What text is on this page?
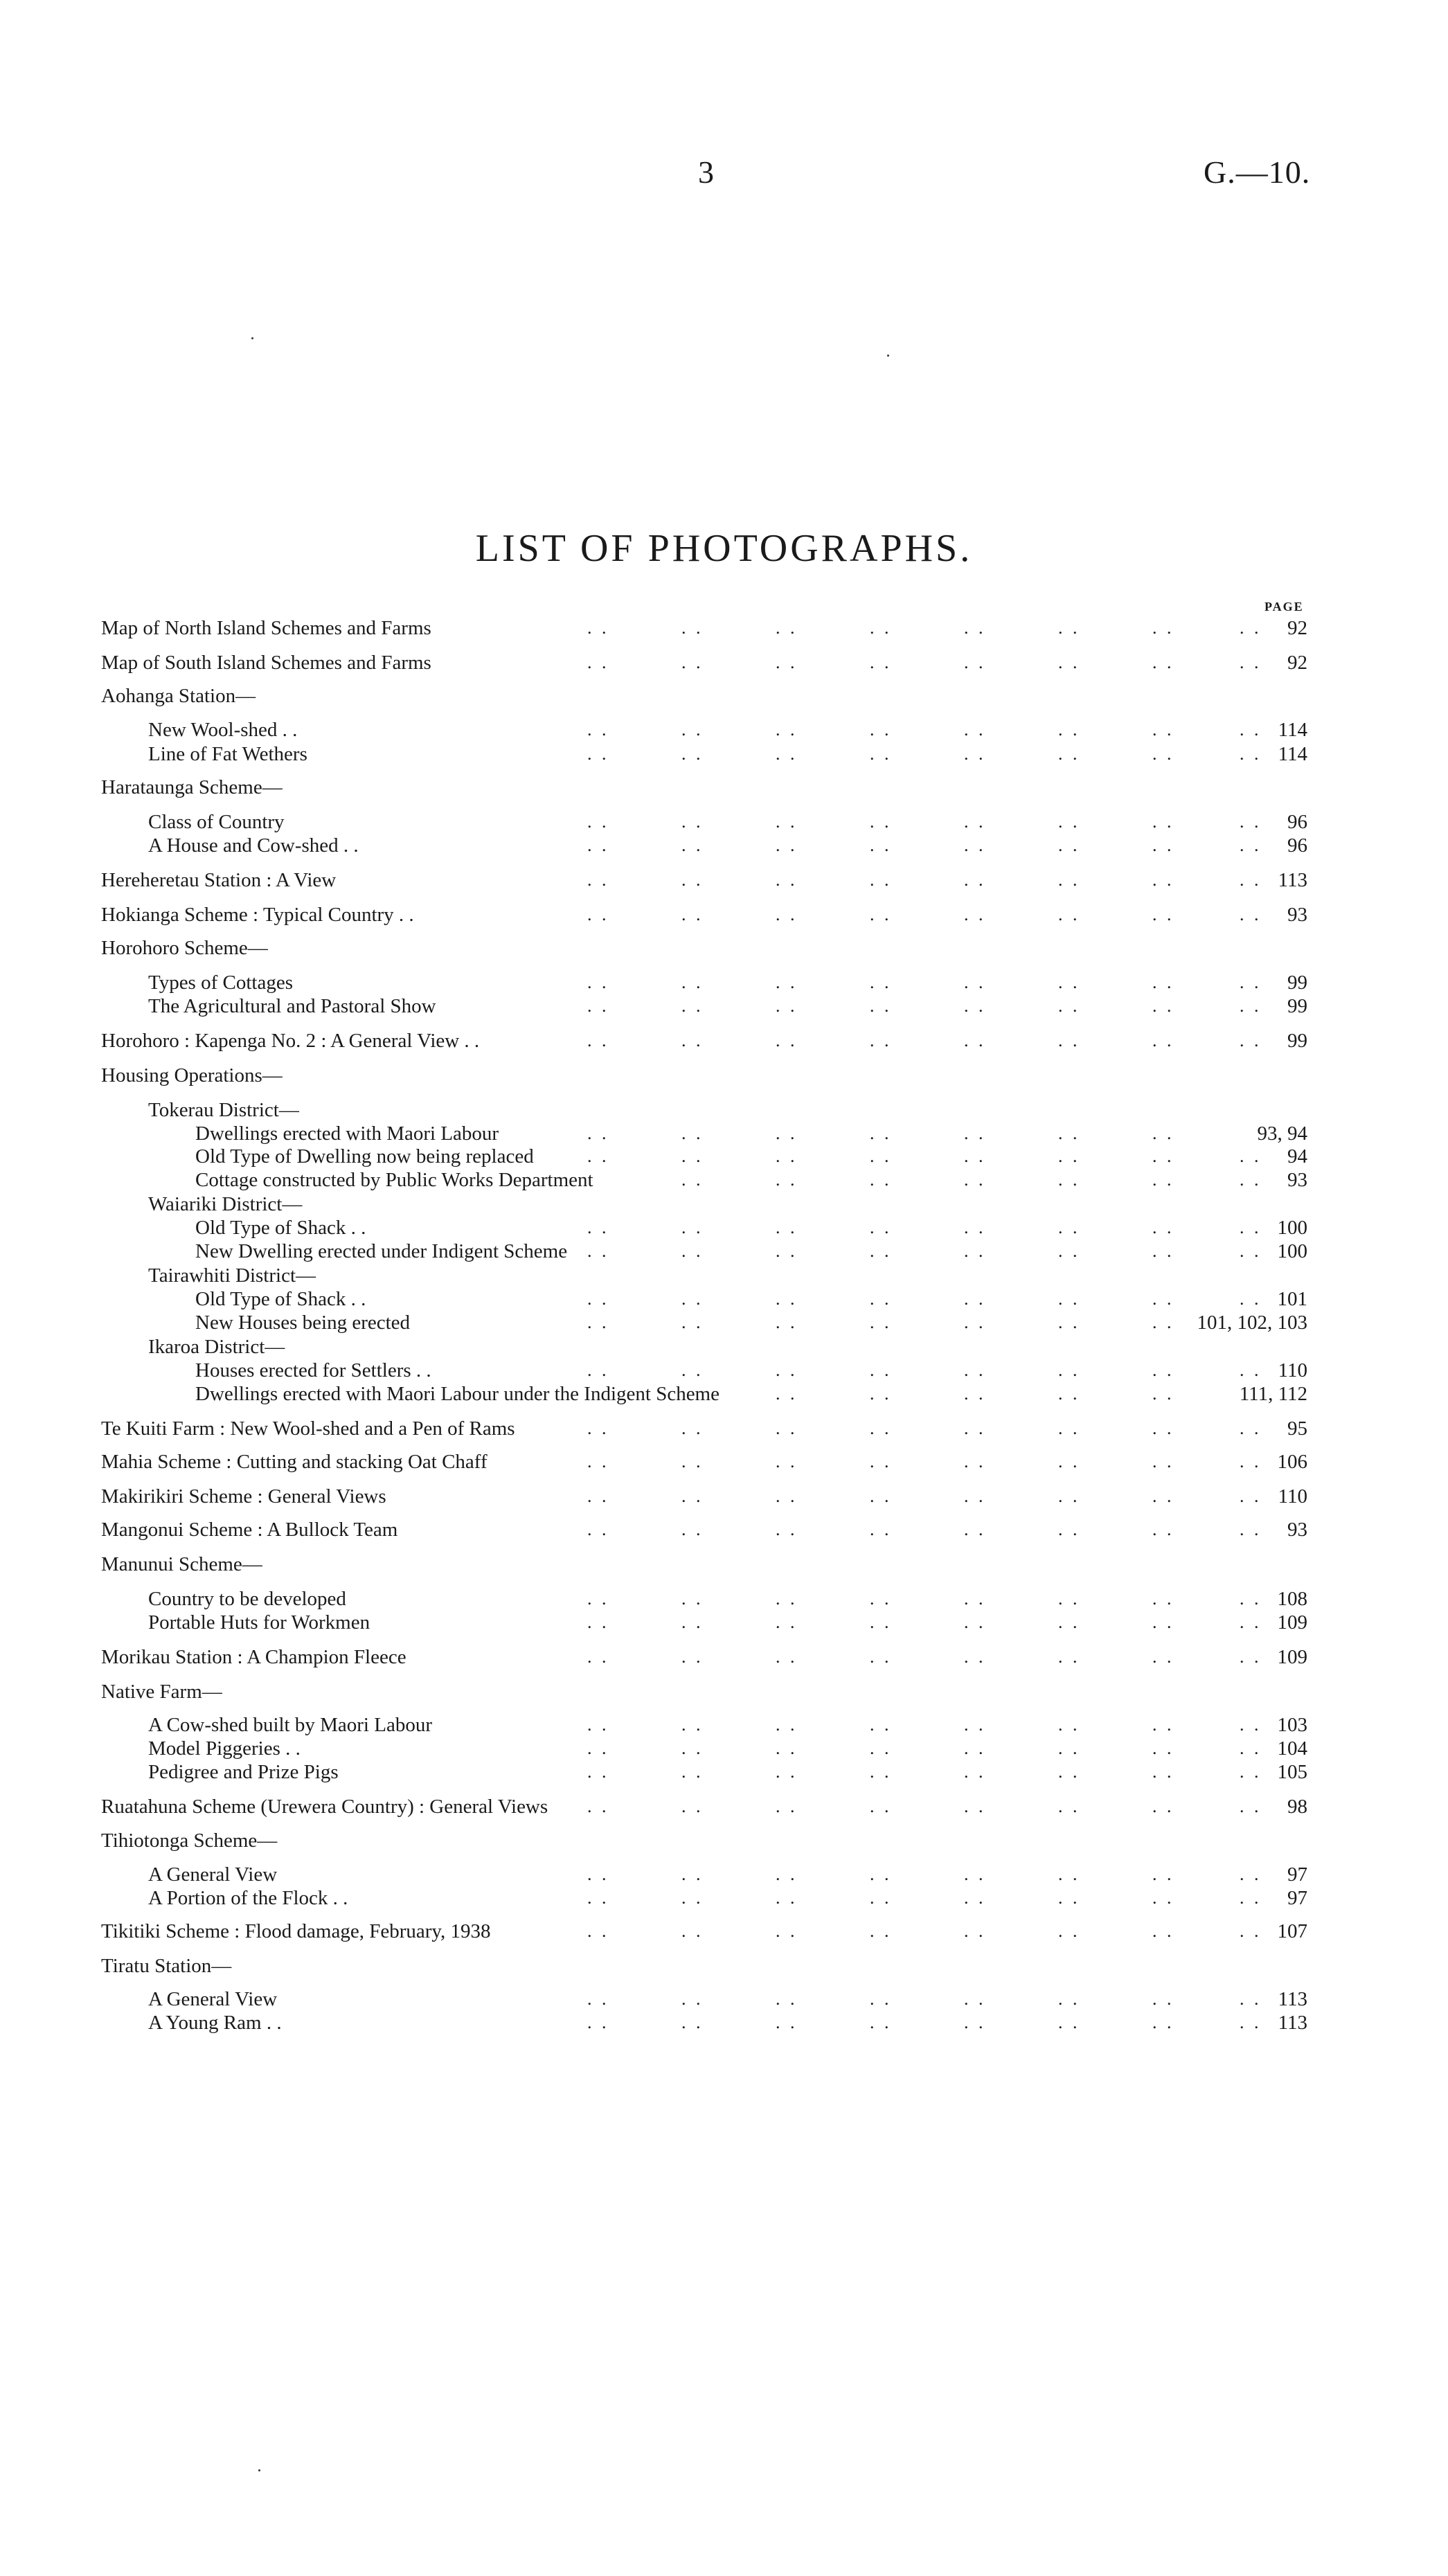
3	G.—10.
LIST OF PHOTOGRAPHS.
PAGE
Map of North Island Schemes and Farms	. .	. .	. .	. .	. .	. .	. .	. . 92
Map of South Island Schemes and Farms	. .	. .	. .	. .	. .	. .	. .	. . 92
Aohanga Station—
New Wool-shed . .	. .	. .	. .	. .	. .	. .	. .	. . 114
Line of Fat Wethers	. .	. .	. .	. .	. .	. .	. .	. . 114
Harataunga Scheme—
Class of Country	. .	. .	. .	. .	. .	. .	. .	. . 96
A House and Cow-shed . .	. .	. .	. .	. .	. .	. .	. .	. . 96
Hereheretau Station : A View	. .	. .	. .	. .	. .	. .	. .	. . 113
Hokianga Scheme : Typical Country . .	. .	. .	. .	. .	. .	. .	. .	. . 93
Horohoro Scheme—
Types of Cottages	. .	. .	. .	. .	. .	. .	. .	. . 99
The Agricultural and Pastoral Show	. .	. .	. .	. .	. .	. .	. .	. . 99
Horohoro : Kapenga No. 2 : A General View . .	. .	. .	. .	. .	. .	. .	. .	. . 99
Housing Operations—
Tokerau District—
Dwellings erected with Maori Labour	. .	. .	. .	. .	. .	. .	. .	93, 94
Old Type of Dwelling now being replaced	. .	. .	. .	. .	. .	. .	. .	. . 94
Cottage constructed by Public Works Department	. .	. .	. .	. .	. .	. .	. . 93
Waiariki District—
Old Type of Shack . .	. .	. .	. .	. .	. .	. .	. .	. . 100
New Dwelling erected under Indigent Scheme . .	. .	. .	. .	. .	. .	. .	. . 100
Tairawhiti District—
Old Type of Shack . .	. .	. .	. .	. .	. .	. .	. .	. . 101
New Houses being erected	. .	. .	. .	. .	. .	. .	. . 101, 102, 103
Ikaroa District—
Houses erected for Settlers . .	. .	. .	. .	. .	. .	. .	. .	. . 110
Dwellings erected with Maori Labour under the Indigent Scheme	. .	. .	. .	. .	. .	111, 112
Te Kuiti Farm : New Wool-shed and a Pen of Rams	. .	. .	. .	. .	. .	. .	. .	. . 95
Mahia Scheme : Cutting and stacking Oat Chaff	. .	. .	. .	. .	. .	. .	. .	. . 106
Makirikiri Scheme : General Views	. .	. .	. .	. .	. .	. .	. .	. . 110
Mangonui Scheme : A Bullock Team	. .	. .	. .	. .	. .	. .	. .	. . 93
Manunui Scheme—
Country to be developed	. .	. .	. .	. .	. .	. .	. .	. . 108
Portable Huts for Workmen	. .	. .	. .	. .	. .	. .	. .	. . 109
Morikau Station : A Champion Fleece	. .	. .	. .	. .	. .	. .	. .	. . 109
Native Farm—
A Cow-shed built by Maori Labour	. .	. .	. .	. .	. .	. .	. .	. . 103
Model Piggeries . .	. .	. .	. .	. .	. .	. .	. .	. . 104
Pedigree and Prize Pigs	. .	. .	. .	. .	. .	. .	. .	. . 105
Ruatahuna Scheme (Urewera Country) : General Views . .	. .	. .	. .	. .	. .	. .	. . 98
Tihiotonga Scheme—
A General View	. .	. .	. .	. .	. .	. .	. .	. . 97
A Portion of the Flock . .	. .	. .	. .	. .	. .	. .	. .	. . 97
Tikitiki Scheme : Flood damage, February, 1938	. .	. .	. .	. .	. .	. .	. .	. . 107
Tiratu Station—
A General View	. .	. .	. .	. .	. .	. .	. .	. . 113
A Young Ram . .	. .	. .	. .	. .	. .	. .	. .	. . 113
